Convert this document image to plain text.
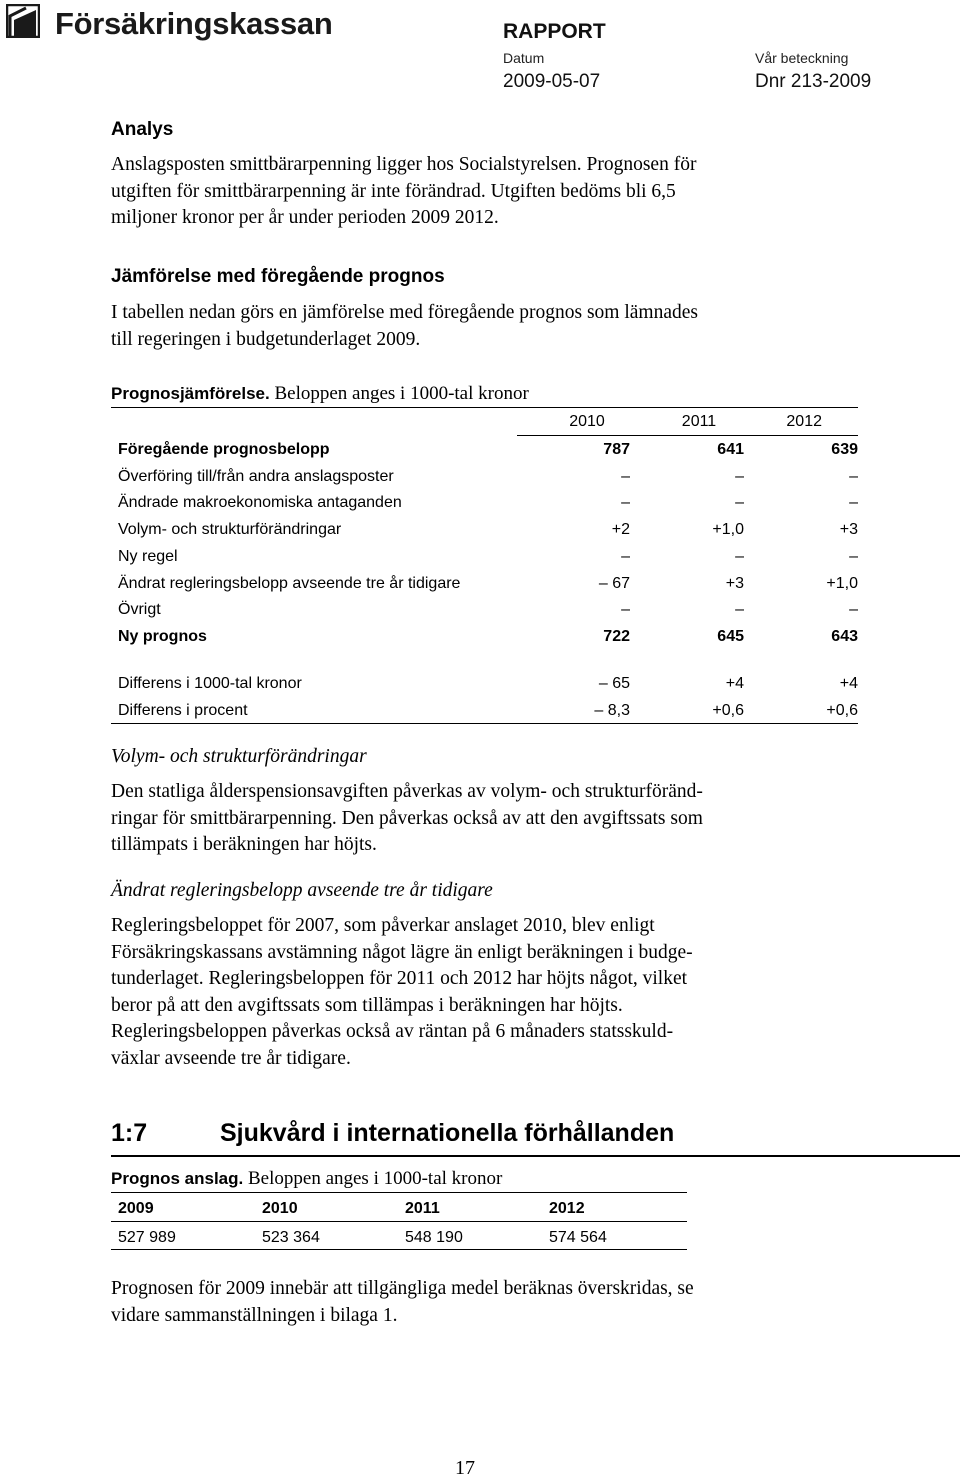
Försäkringskassan	RAPPORT
Datum	Vår beteckning
2009-05-07	Dnr 213-2009
Analys

Anslagsposten smittbärarpenning ligger hos Socialstyrelsen. Prognosen för

utgiften för smittbärarpenning är inte förändrad. Utgiften bedöms bli 6,5

miljoner kronor per år under perioden 2009 2012.

Jämförelse med föregående prognos

I tabellen nedan görs en jämförelse med föregående prognos som lämnades

till regeringen i budgetunderlaget 2009.

Prognosjämförelse. Beloppen anges i 1000-tal kronor
2010	2011	2012
Föregående prognosbelopp	787	641	639
Överföring till/från andra anslagsposter	–	–	–
Ändrade makroekonomiska antaganden	–	–	–
Volym- och strukturförändringar	+2	+1,0	+3
Ny regel	–	–	–
Ändrat regleringsbelopp avseende tre år tidigare	– 67	+3	+1,0
Övrigt	–	–	–
Ny prognos	722	645	643
Differens i 1000-tal kronor	– 65	+4	+4
Differens i procent	– 8,3	+0,6	+0,6
Volym- och strukturförändringar

Den statliga ålderspensionsavgiften påverkas av volym- och strukturföränd-

ringar för smittbärarpenning. Den påverkas också av att den avgiftssats som

tillämpats i beräkningen har höjts.

Ändrat regleringsbelopp avseende tre år tidigare

Regleringsbeloppet för 2007, som påverkar anslaget 2010, blev enligt

Försäkringskassans avstämning något lägre än enligt beräkningen i budge-

tunderlaget. Regleringsbeloppen för 2011 och 2012 har höjts något, vilket

beror på att den avgiftssats som tillämpas i beräkningen har höjts.

Regleringsbeloppen påverkas också av räntan på 6 månaders statsskuld-

växlar avseende tre år tidigare.

1:7	Sjukvård i internationella förhållanden
Prognos anslag. Beloppen anges i 1000-tal kronor
2009	2010	2011	2012
527 989	523 364	548 190	574 564

Prognosen för 2009 innebär att tillgängliga medel beräknas överskridas, se

vidare sammanställningen i bilaga 1.

17
